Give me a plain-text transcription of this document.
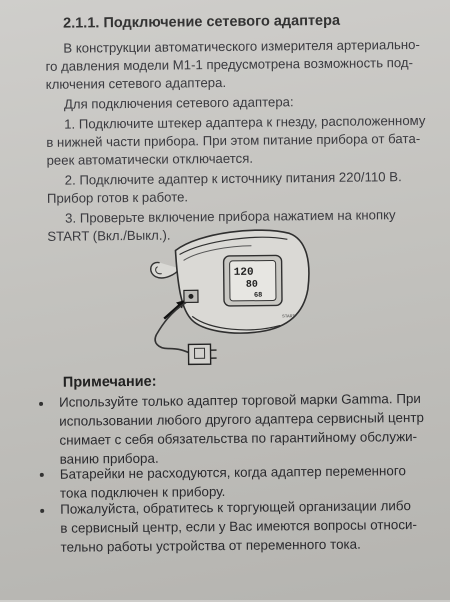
2.1.1. Подключение сетевого адаптера
В конструкции автоматического измерителя артериально-
го давления модели M1-1 предусмотрена возможность под-
ключения сетевого адаптера.
Для подключения сетевого адаптера:
1. Подключите штекер адаптера к гнезду, расположенному
в нижней части прибора. При этом питание прибора от батa-
реек автоматически отключается.
2. Подключите адаптер к источнику питания 220/110 В.
Прибор готов к работе.
3. Проверьте включение прибора нажатием на кнопку
START (Вкл./Выкл.).
120
80
68
START
Примечание:
Используйте только адаптер торговой марки Gamma. При
использовании любого другого адаптера сервисный центр
снимает с себя обязательства по гарантийному обслужи-
ванию прибора.
Батарейки не расходуются, когда адаптер переменного
тока подключен к прибору.
Пожалуйста, обратитесь к торгующей организации либо
в сервисный центр, если у Вас имеются вопросы относи-
тельно работы устройства от переменного тока.
